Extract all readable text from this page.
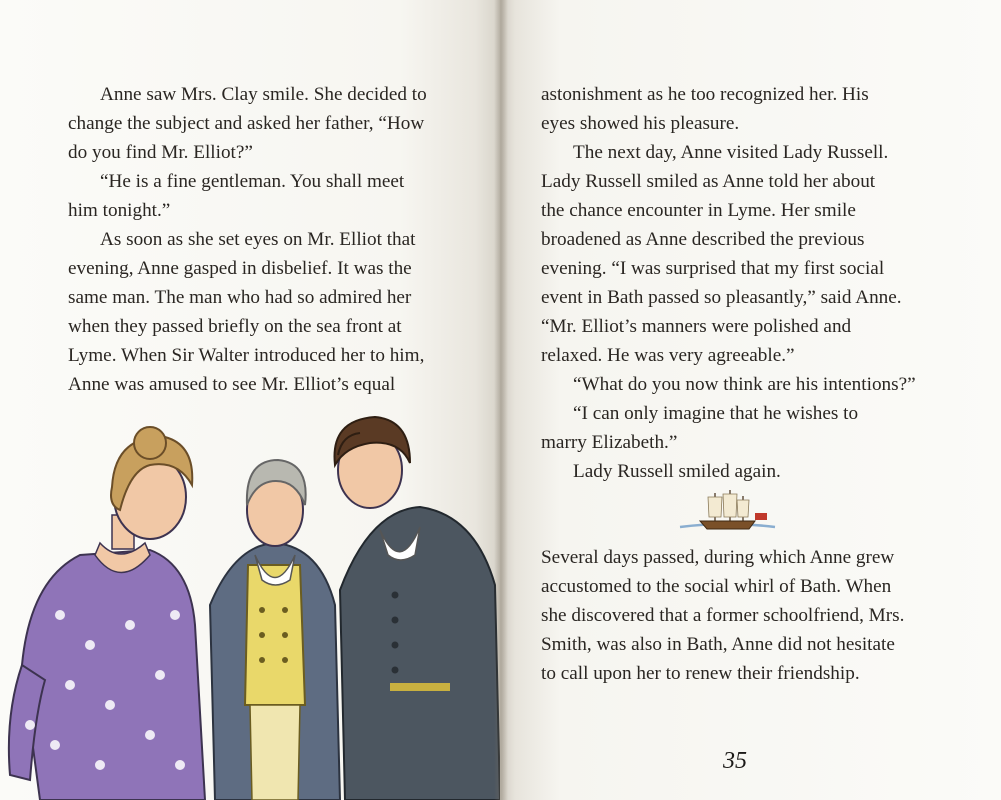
Anne saw Mrs. Clay smile. She decided to
change the subject and asked her father, “How
do you find Mr. Elliot?”
“He is a fine gentleman. You shall meet
him tonight.”
As soon as she set eyes on Mr. Elliot that
evening, Anne gasped in disbelief. It was the
same man. The man who had so admired her
when they passed briefly on the sea front at
Lyme. When Sir Walter introduced her to him,
Anne was amused to see Mr. Elliot’s equal
astonishment as he too recognized her. His
eyes showed his pleasure.
The next day, Anne visited Lady Russell.
Lady Russell smiled as Anne told her about
the chance encounter in Lyme. Her smile
broadened as Anne described the previous
evening. “I was surprised that my first social
event in Bath passed so pleasantly,” said Anne.
“Mr. Elliot’s manners were polished and
relaxed. He was very agreeable.”
“What do you now think are his intentions?”
“I can only imagine that he wishes to
marry Elizabeth.”
Lady Russell smiled again.
Several days passed, during which Anne grew
accustomed to the social whirl of Bath. When
she discovered that a former schoolfriend, Mrs.
Smith, was also in Bath, Anne did not hesitate
to call upon her to renew their friendship.
35
